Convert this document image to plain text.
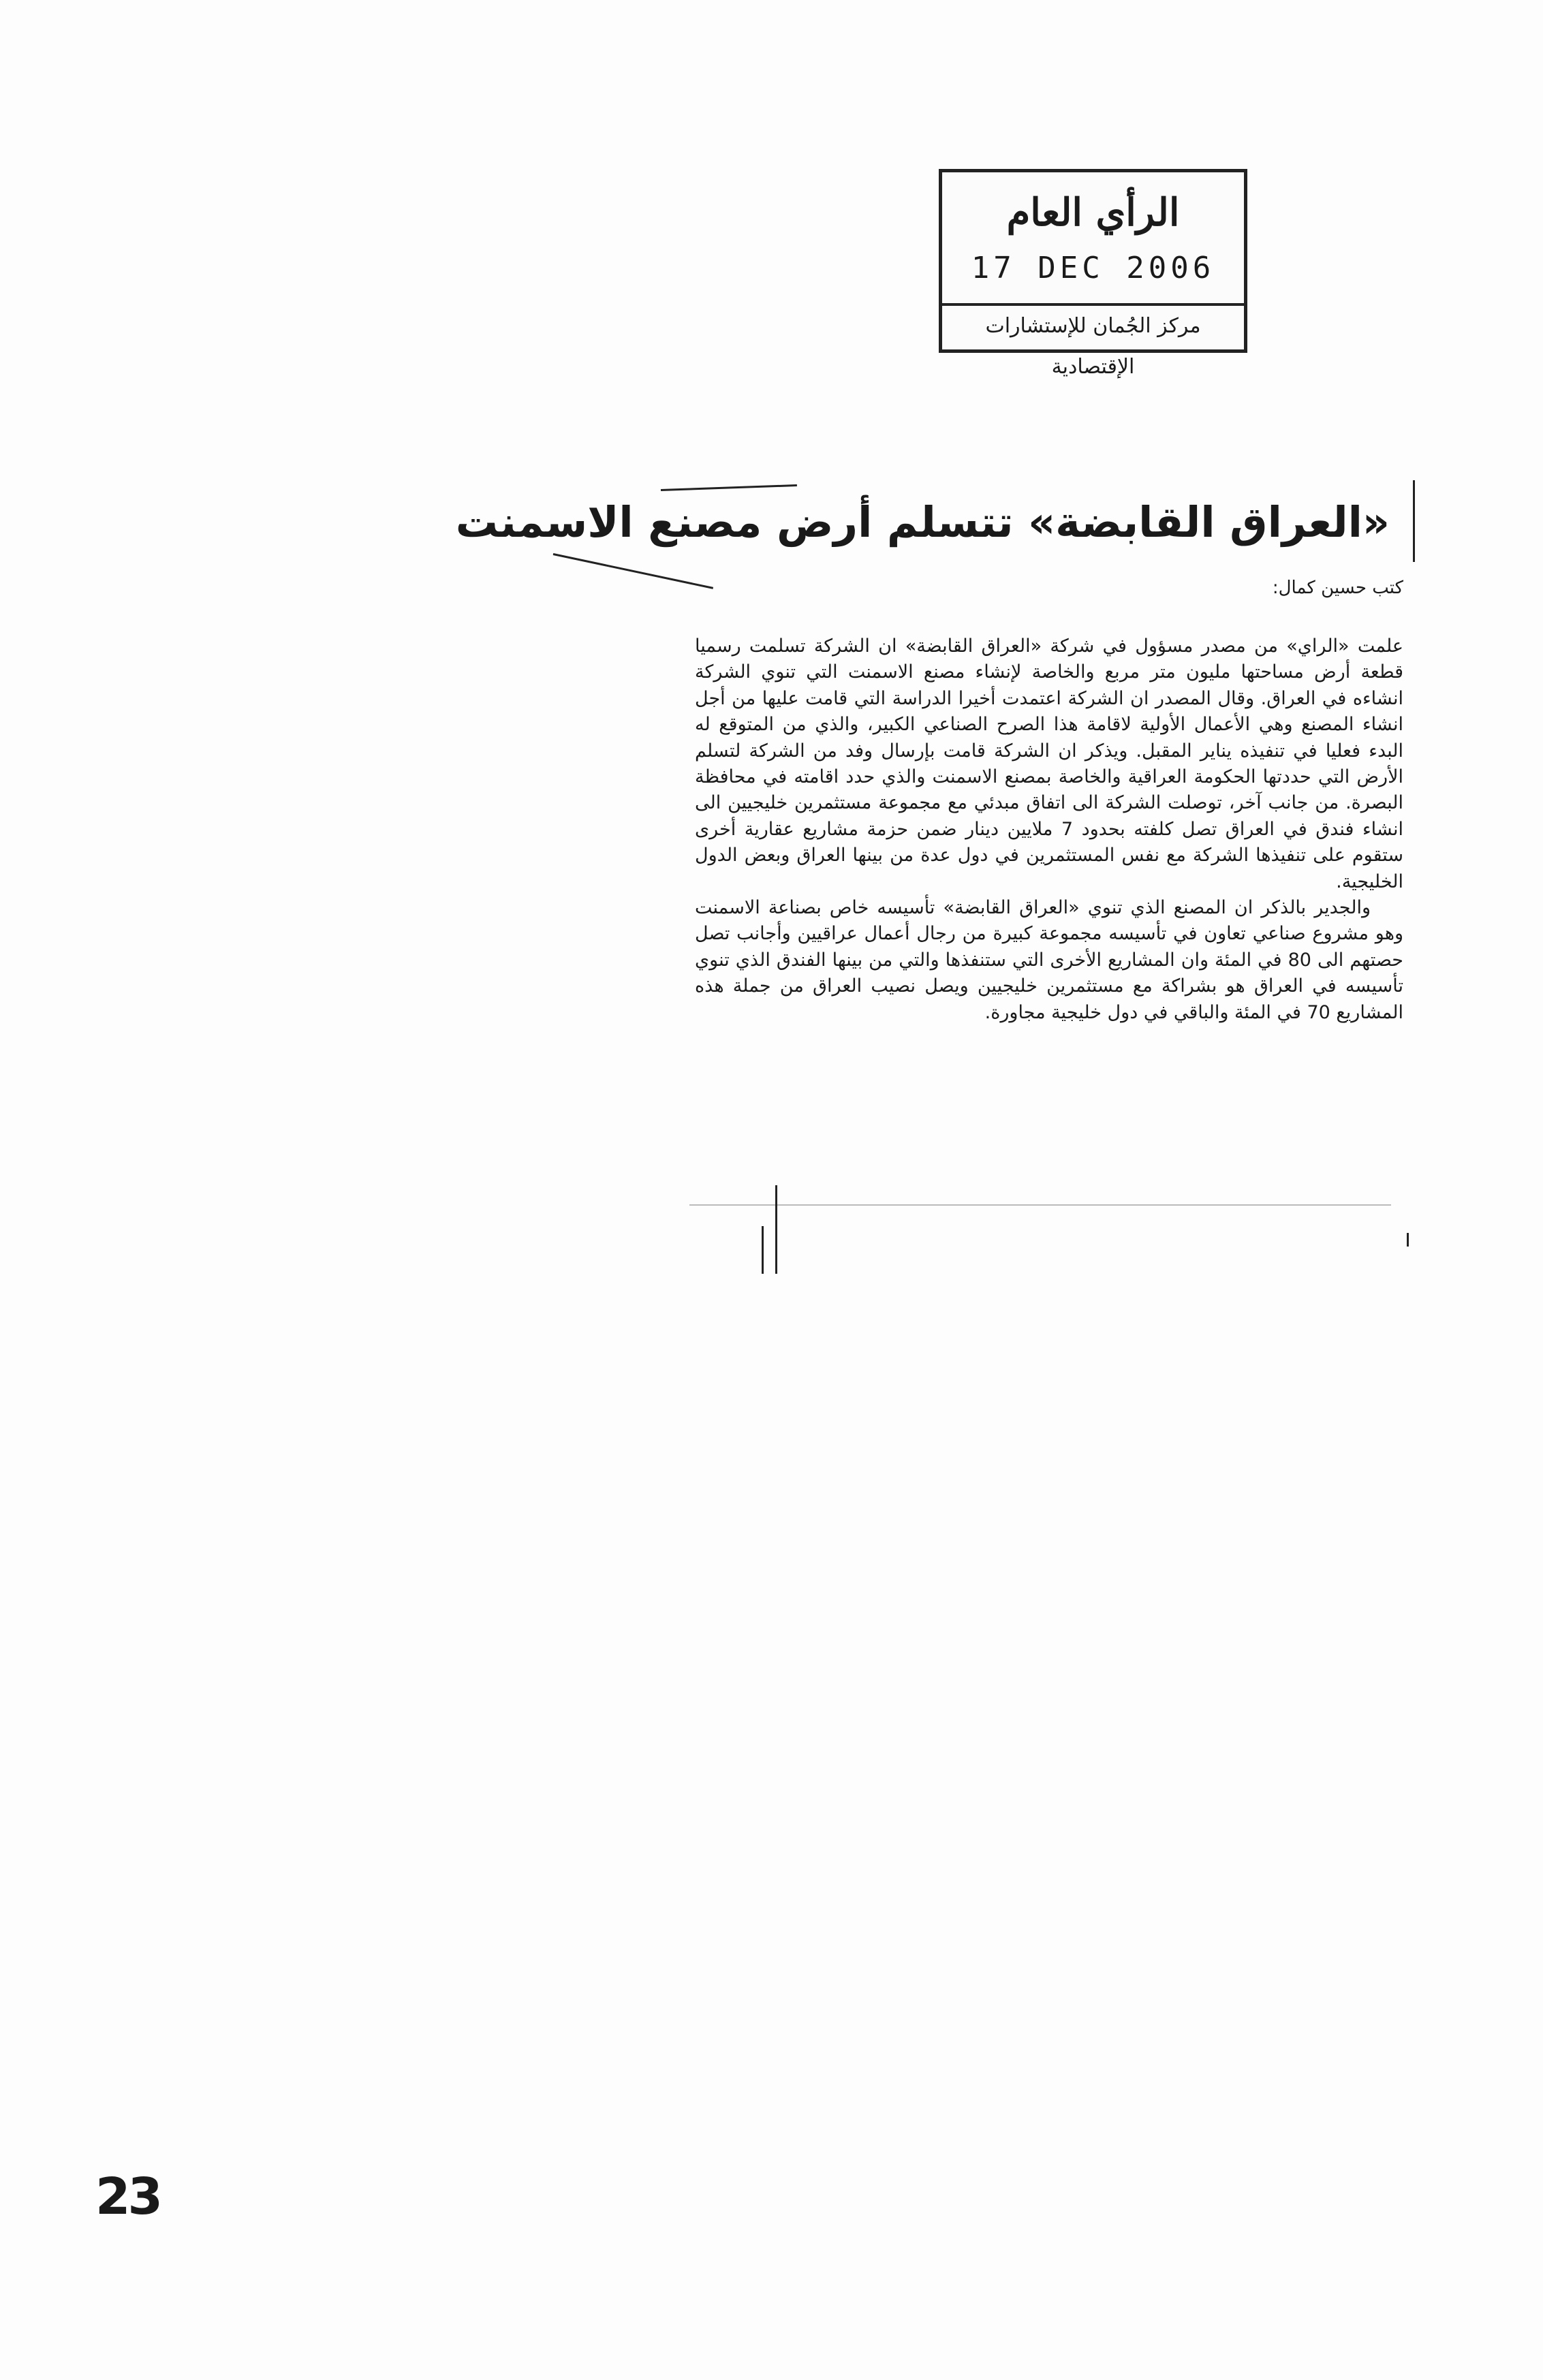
الرأي العام
17 DEC 2006
مركز الجُمان للإستشارات الإقتصادية
«العراق القابضة» تتسلم أرض مصنع الاسمنت
كتب حسين كمال:

علمت «الراي» من مصدر مسؤول في شركة «العراق القابضة» ان الشركة تسلمت رسميا قطعة أرض مساحتها مليون متر مربع والخاصة لإنشاء مصنع الاسمنت التي تنوي الشركة انشاءه في العراق. وقال المصدر ان الشركة اعتمدت أخيرا الدراسة التي قامت عليها من أجل انشاء المصنع وهي الأعمال الأولية لاقامة هذا الصرح الصناعي الكبير، والذي من المتوقع له البدء فعليا في تنفيذه يناير المقبل. ويذكر ان الشركة قامت بإرسال وفد من الشركة لتسلم الأرض التي حددتها الحكومة العراقية والخاصة بمصنع الاسمنت والذي حدد اقامته في محافظة البصرة. من جانب آخر، توصلت الشركة الى اتفاق مبدئي مع مجموعة مستثمرين خليجيين الى انشاء فندق في العراق تصل كلفته بحدود 7 ملايين دينار ضمن حزمة مشاريع عقارية أخرى ستقوم على تنفيذها الشركة مع نفس المستثمرين في دول عدة من بينها العراق وبعض الدول الخليجية.

والجدير بالذكر ان المصنع الذي تنوي «العراق القابضة» تأسيسه خاص بصناعة الاسمنت وهو مشروع صناعي تعاون في تأسيسه مجموعة كبيرة من رجال أعمال عراقيين وأجانب تصل حصتهم الى 80 في المئة وان المشاريع الأخرى التي ستنفذها والتي من بينها الفندق الذي تنوي تأسيسه في العراق هو بشراكة مع مستثمرين خليجيين ويصل نصيب العراق من جملة هذه المشاريع 70 في المئة والباقي في دول خليجية مجاورة.

23
